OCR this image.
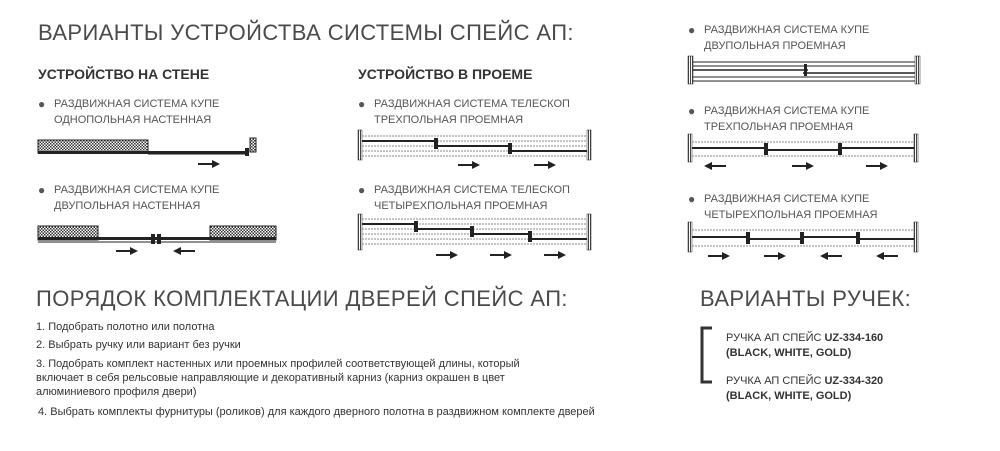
ВАРИАНТЫ УСТРОЙСТВА СИСТЕМЫ СПЕЙС АП:
УСТРОЙСТВО НА СТЕНЕ	УСТРОЙСТВО В ПРОЕМЕ
● РАЗДВИЖНАЯ СИСТЕМА КУПЕ
ОДНОПОЛЬНАЯ НАСТЕННАЯ
● РАЗДВИЖНАЯ СИСТЕМА КУПЕ
ДВУПОЛЬНАЯ НАСТЕННАЯ
● РАЗДВИЖНАЯ СИСТЕМА ТЕЛЕСКОП
ТРЕХПОЛЬНАЯ ПРОЕМНАЯ
● РАЗДВИЖНАЯ СИСТЕМА ТЕЛЕСКОП
ЧЕТЫРЕХПОЛЬНАЯ ПРОЕМНАЯ
● РАЗДВИЖНАЯ СИСТЕМА КУПЕ
ДВУПОЛЬНАЯ ПРОЕМНАЯ
● РАЗДВИЖНАЯ СИСТЕМА КУПЕ
ТРЕХПОЛЬНАЯ ПРОЕМНАЯ
● РАЗДВИЖНАЯ СИСТЕМА КУПЕ
ЧЕТЫРЕХПОЛЬНАЯ ПРОЕМНАЯ
ПОРЯДОК КОМПЛЕКТАЦИИ ДВЕРЕЙ СПЕЙС АП:
1. Подобрать полотно или полотна
2. Выбрать ручку или вариант без ручки
3. Подобрать комплект настенных или проемных профилей соответствующей длины, который
включает в себя рельсовые направляющие и декоративный карниз (карниз окрашен в цвет
алюминиевого профиля двери)
4. Выбрать комплекты фурнитуры (роликов) для каждого дверного полотна в раздвижном комплекте дверей
ВАРИАНТЫ РУЧЕК:
РУЧКА АП СПЕЙС UZ-334-160
(BLACK, WHITE, GOLD)
РУЧКА АП СПЕЙС UZ-334-320
(BLACK, WHITE, GOLD)
